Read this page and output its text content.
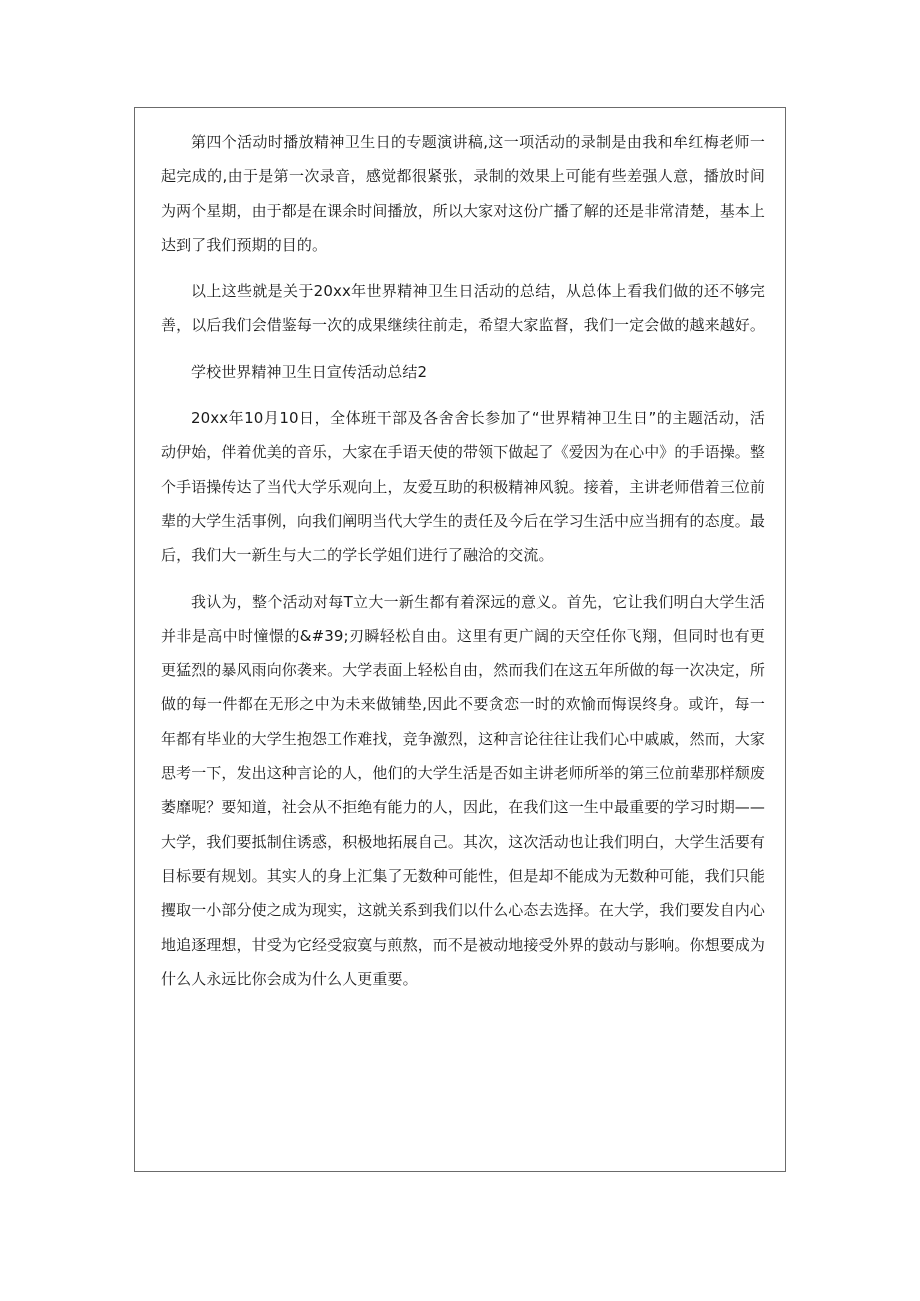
第四个活动时播放精神卫生日的专题演讲稿,这一项活动的录制是由我和牟红梅老师一起完成的,由于是第一次录音，感觉都很紧张，录制的效果上可能有些差强人意，播放时间为两个星期，由于都是在课余时间播放，所以大家对这份广播了解的还是非常清楚，基本上达到了我们预期的目的。

以上这些就是关于20xx年世界精神卫生日活动的总结，从总体上看我们做的还不够完善，以后我们会借鉴每一次的成果继续往前走，希望大家监督，我们一定会做的越来越好。

学校世界精神卫生日宣传活动总结2

20xx年10月10日，全体班干部及各舍舍长参加了“世界精神卫生日”的主题活动，活动伊始，伴着优美的音乐，大家在手语天使的带领下做起了《爱因为在心中》的手语操。整个手语操传达了当代大学乐观向上，友爱互助的积极精神风貌。接着，主讲老师借着三位前辈的大学生活事例，向我们阐明当代大学生的责任及今后在学习生活中应当拥有的态度。最后，我们大一新生与大二的学长学姐们进行了融洽的交流。

我认为，整个活动对每T立大一新生都有着深远的意义。首先，它让我们明白大学生活并非是高中时憧憬的&#39;刃瞬轻松自由。这里有更广阔的天空任你飞翔，但同时也有更更猛烈的暴风雨向你袭来。大学表面上轻松自由，然而我们在这五年所做的每一次决定，所做的每一件都在无形之中为未来做铺垫,因此不要贪恋一时的欢愉而悔误终身。或许，每一年都有毕业的大学生抱怨工作难找，竞争激烈，这种言论往往让我们心中戚戚，然而，大家思考一下，发出这种言论的人，他们的大学生活是否如主讲老师所举的第三位前辈那样颓废萎靡呢？要知道，社会从不拒绝有能力的人，因此，在我们这一生中最重要的学习时期——大学，我们要抵制住诱惑，积极地拓展自己。其次，这次活动也让我们明白，大学生活要有目标要有规划。其实人的身上汇集了无数种可能性，但是却不能成为无数种可能，我们只能攫取一小部分使之成为现实，这就关系到我们以什么心态去选择。在大学，我们要发自内心地追逐理想，甘受为它经受寂寞与煎熬，而不是被动地接受外界的鼓动与影响。你想要成为什么人永远比你会成为什么人更重要。
